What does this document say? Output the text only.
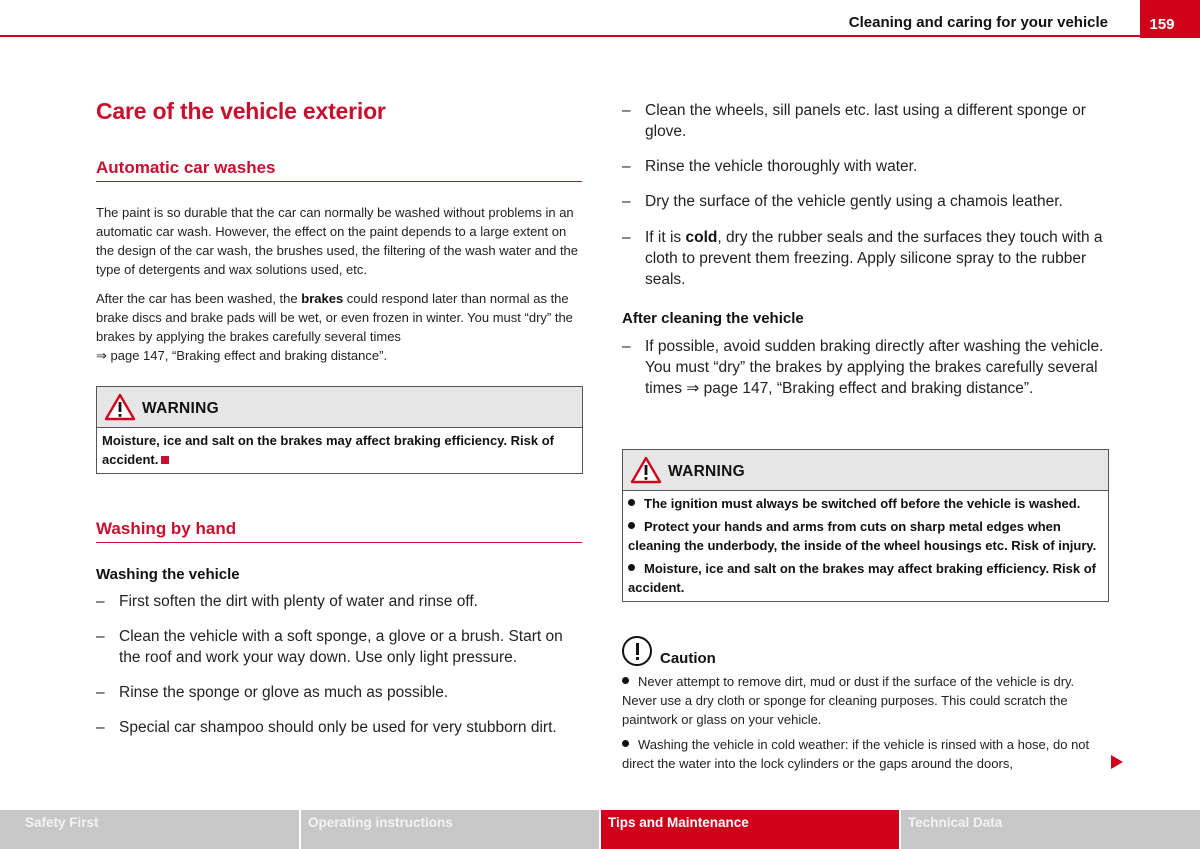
Cleaning and caring for your vehicle	159
Care of the vehicle exterior
Automatic car washes
The paint is so durable that the car can normally be washed without problems in an automatic car wash. However, the effect on the paint depends to a large extent on the design of the car wash, the brushes used, the filtering of the wash water and the type of detergents and wax solutions used, etc.
After the car has been washed, the brakes could respond later than normal as the brake discs and brake pads will be wet, or even frozen in winter. You must “dry” the brakes by applying the brakes carefully several times
⇒ page 147, “Braking effect and braking distance”.
WARNING
Moisture, ice and salt on the brakes may affect braking efficiency. Risk of accident.
Washing by hand
Washing the vehicle
– First soften the dirt with plenty of water and rinse off.
– Clean the vehicle with a soft sponge, a glove or a brush. Start on the roof and work your way down. Use only light pressure.
– Rinse the sponge or glove as much as possible.
– Special car shampoo should only be used for very stubborn dirt.
– Clean the wheels, sill panels etc. last using a different sponge or glove.
– Rinse the vehicle thoroughly with water.
– Dry the surface of the vehicle gently using a chamois leather.
– If it is cold, dry the rubber seals and the surfaces they touch with a cloth to prevent them freezing. Apply silicone spray to the rubber seals.
After cleaning the vehicle
– If possible, avoid sudden braking directly after washing the vehicle. You must “dry” the brakes by applying the brakes carefully several times ⇒ page 147, “Braking effect and braking distance”.
WARNING
The ignition must always be switched off before the vehicle is washed.
Protect your hands and arms from cuts on sharp metal edges when cleaning the underbody, the inside of the wheel housings etc. Risk of injury.
Moisture, ice and salt on the brakes may affect braking efficiency. Risk of accident.
Caution
Never attempt to remove dirt, mud or dust if the surface of the vehicle is dry. Never use a dry cloth or sponge for cleaning purposes. This could scratch the paintwork or glass on your vehicle.
Washing the vehicle in cold weather: if the vehicle is rinsed with a hose, do not direct the water into the lock cylinders or the gaps around the doors,
Safety First	Operating instructions	Tips and Maintenance	Technical Data
